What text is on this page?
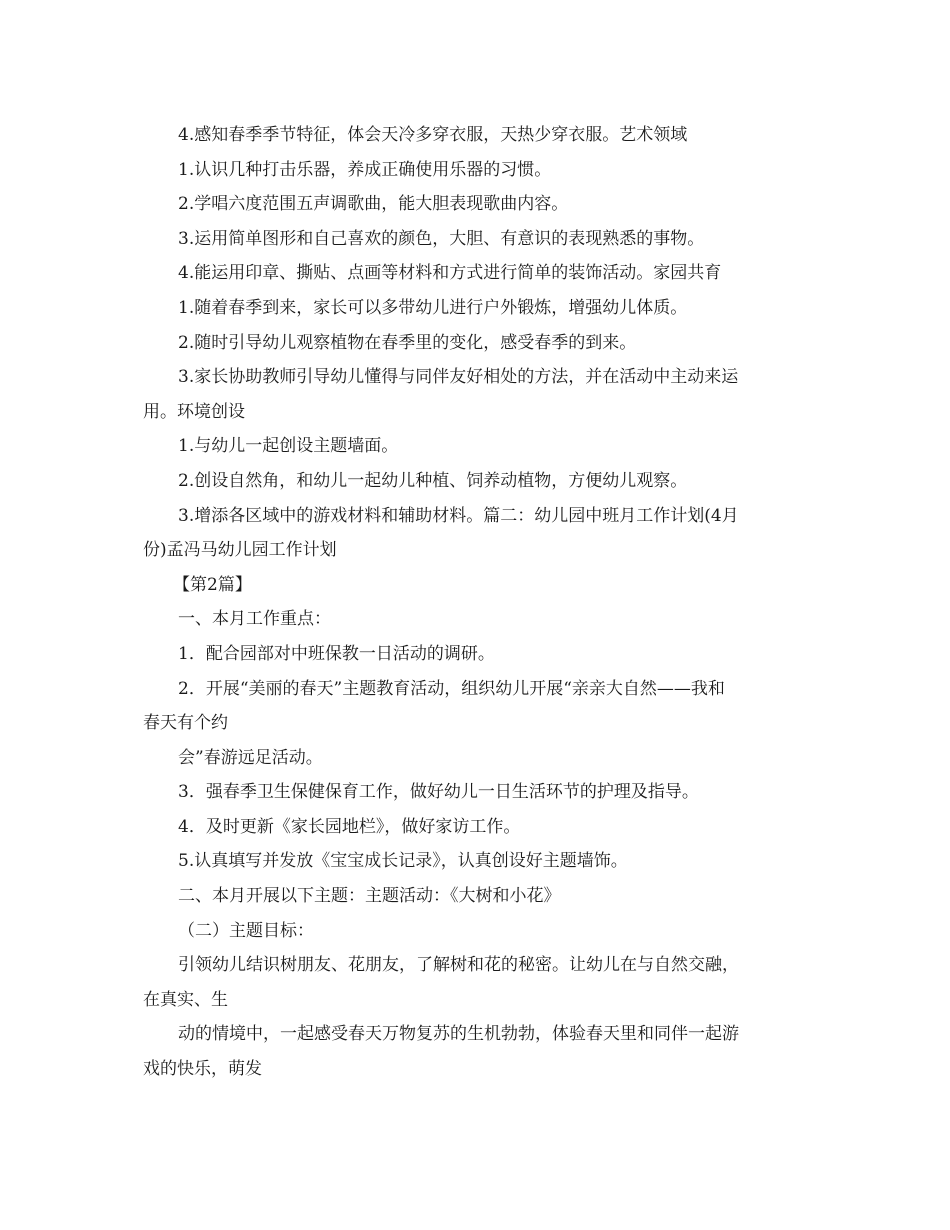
4.感知春季季节特征，体会天冷多穿衣服，天热少穿衣服。艺术领域
1.认识几种打击乐器，养成正确使用乐器的习惯。
2.学唱六度范围五声调歌曲，能大胆表现歌曲内容。
3.运用简单图形和自己喜欢的颜色，大胆、有意识的表现熟悉的事物。
4.能运用印章、撕贴、点画等材料和方式进行简单的装饰活动。家园共育
1.随着春季到来，家长可以多带幼儿进行户外锻炼，增强幼儿体质。
2.随时引导幼儿观察植物在春季里的变化，感受春季的到来。
3.家长协助教师引导幼儿懂得与同伴友好相处的方法，并在活动中主动来运
用。环境创设
1.与幼儿一起创设主题墙面。
2.创设自然角，和幼儿一起幼儿种植、饲养动植物，方便幼儿观察。
3.增添各区域中的游戏材料和辅助材料。篇二：幼儿园中班月工作计划(4月
份)孟冯马幼儿园工作计划
【第2篇】
一、本月工作重点：
1．配合园部对中班保教一日活动的调研。
2．开展“美丽的春天”主题教育活动，组织幼儿开展“亲亲大自然——我和
春天有个约
会”春游远足活动。
3．强春季卫生保健保育工作，做好幼儿一日生活环节的护理及指导。
4．及时更新《家长园地栏》，做好家访工作。
5.认真填写并发放《宝宝成长记录》，认真创设好主题墙饰。
二、本月开展以下主题：主题活动：《大树和小花》
（二）主题目标：
引领幼儿结识树朋友、花朋友，了解树和花的秘密。让幼儿在与自然交融，
在真实、生
动的情境中，一起感受春天万物复苏的生机勃勃，体验春天里和同伴一起游
戏的快乐，萌发
